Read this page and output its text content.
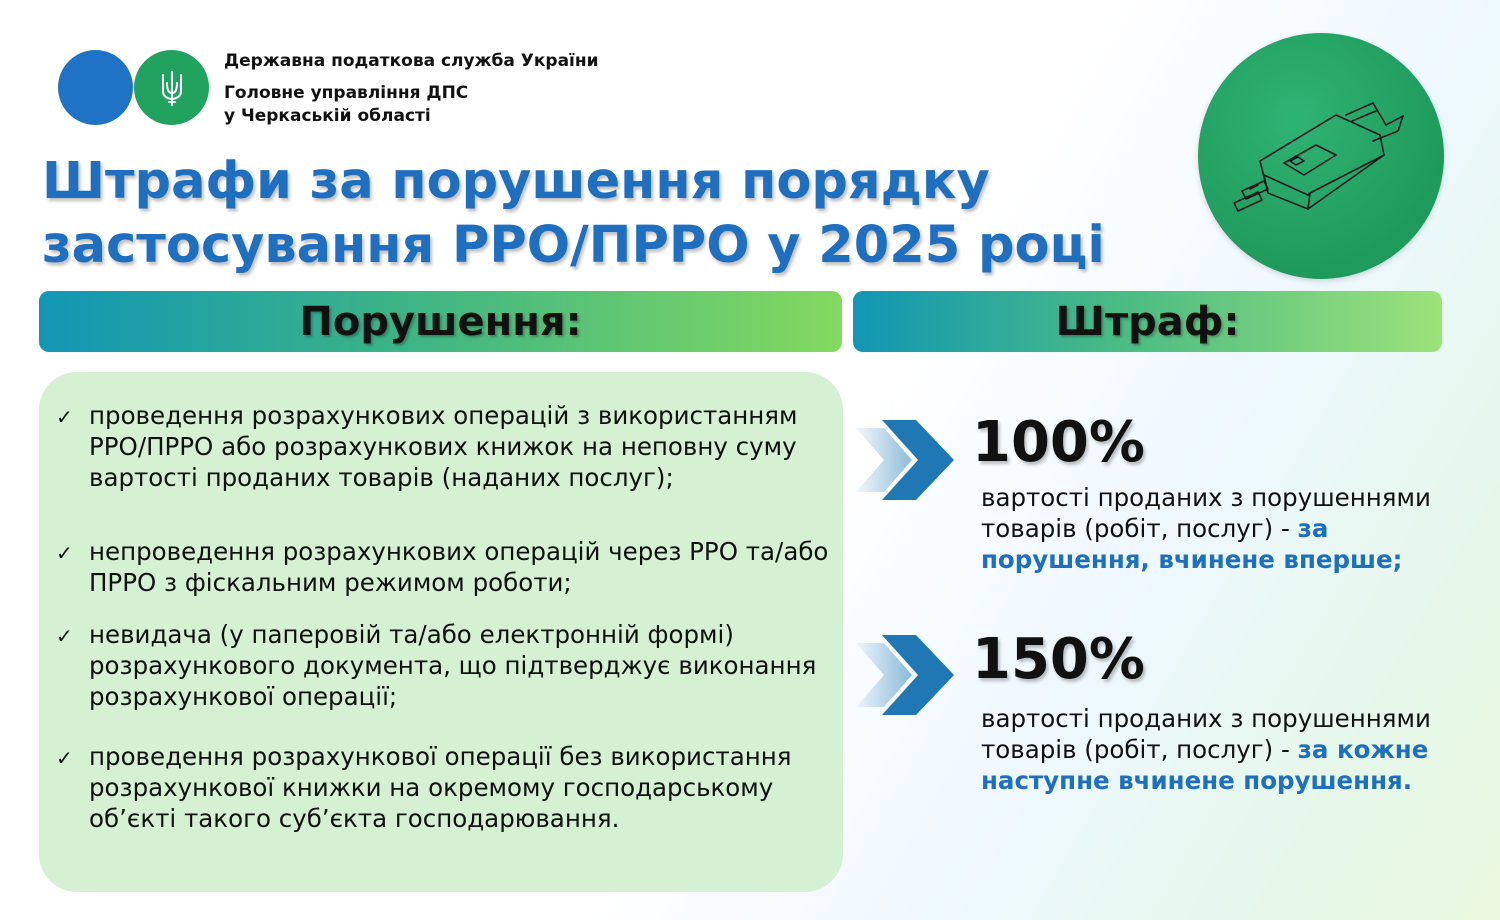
Державна податкова служба України
Головне управління ДПС
у Черкаській області
Штрафи за порушення порядку
застосування РРО/ПРРО у 2025 році
Порушення:	Штраф:
✓ проведення розрахункових операцій з використанням РРО/ПРРО або розрахункових книжок на неповну суму вартості проданих товарів (наданих послуг);
✓ непроведення розрахункових операцій через РРО та/або ПРРО з фіскальним режимом роботи;
✓ невидача (у паперовій та/або електронній формі) розрахункового документа, що підтверджує виконання розрахункової операції;
✓ проведення розрахункової операції без використання розрахункової книжки на окремому господарському об’єкті такого суб’єкта господарювання.
100%
вартості проданих з порушеннями товарів (робіт, послуг) - за порушення, вчинене вперше;
150%
вартості проданих з порушеннями товарів (робіт, послуг) - за кожне наступне вчинене порушення.
